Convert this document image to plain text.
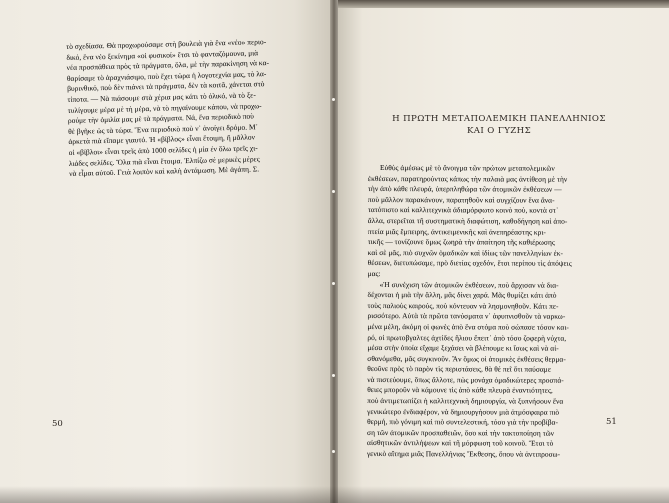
τὸ σχεδίασα. Θὰ προχωρούσαμε στὴ βουλειὰ γιὰ ἕνα «νέο» περιο-
δικό, ἕνα νέο ξεκίνημα «οἱ φυσικοί» ἔτσι τὸ φανταζόμουνα, μιὰ
νέα προσπάθεια πρὸς τὰ πράγματα, ὅλα, μὲ τὴν παρακίνηση νὰ κα-
θαρίσαμε τὸ ἀραχνιάσιμο, ποὺ ἔχει τώρα ἡ λογοτεχνία μας, τὸ λα-
βυρινθικό, ποὺ δὲν πιάνει τὰ πράγματα, δὲν τὰ κοιτᾶ, χάνεται στὸ
τίποτα. — Νὰ πιάσουμε στὰ χέρια μας κάτι τὸ ὁλικό, νὰ τὸ ξε-
τυλίγουμε μέρα μὲ τὴ μέρα, νὰ τὸ πηγαίνουμε κάπου, νὰ προχω-
ρούμε τὴν ὁμιλία μας μὲ τὰ πράγματα. Νά, ἕνα περιοδικὸ ποὺ
θὲ βγῆκε ὡς τὰ τώρα. Ἕνα περιοδικὸ ποὺ ν᾿ ἀνοίγει δρόμο. Μ᾿
ἀρκετὰ πιὰ εἴπαμε γιαυτό. Ἡ «βίβλος» εἶναι ἕτοιμη, ἢ μᾶλλον
οἱ «βίβλοι» εἶναι τρεῖς ἀπὸ 1000 σελίδες ἡ μία ἐν ὅλω τρεῖς χι-
λιάδες σελίδες. Ὅλα πιὰ εἶναι ἕτοιμα. Ἐλπίζω σὲ μερικὲς μέρες
νὰ εἶμαι αὐτοῦ. Γειὰ λοιπὸν καὶ καλὴ ἀντάμωση. Μὲ ἀγάπη. Σ.
Η ΠΡΩΤΗ ΜΕΤΑΠΟΛΕΜΙΚΗ ΠΑΝΕΛΛΗΝΙΟΣ
ΚΑΙ Ο ΓΥΖΗΣ
Εὐθὺς ἀμέσως μὲ τὸ ἄνοιγμα τῶν πρώτων μεταπολεμικῶν
ἐκθέσεων, παρατηρούντας κάπως τὴν παλαιὰ μας ἀντίθεση μὲ τὴν
τὴν ἀπὸ κάθε πλευρά, ὑπερπληθώρα τῶν ἀτομικῶν ἐκθέσεων —
ποὺ μᾶλλον παρακάνουν, παρατηθοῦν καὶ συγχίζουν ἕνα ἄνα-
τατόπιστο καὶ καλλιτεχνικὰ ἀδιαμόρφωτο κοινὸ ποὺ, κοντὰ στ᾿
ἄλλα, στερεῖται τῆ συστηματικὴ διαφώτιση, καθοδήγηση καὶ ἀπο-
πτεία μιᾶς ἔμπειρης, ἀντικειμενικῆς καὶ ἀνεπηρέαστης κρι-
τικῆς — τονίζουνε ὅμως ζωηρὰ τὴν ἀπαίτηση τῆς καθιέρωσης
καὶ σὲ μᾶς, πιὸ συχνῶν ὁμαδικῶν καὶ ἰδίως τῶν πανελληνίων ἐκ-
θέσεων, διετυπώσαμε, πρὸ διετίας σχεδόν, ἔτσι περίπου τὶς ἀπόψεις
μας:
«Ἡ συνέχιση τῶν ἀτομικῶν ἐκθέσεων, ποὺ ἄρχισαν νὰ δια-
δέχονται ἡ μιὰ τὴν ἄλλη, μᾶς δίνει χαρά. Μᾶς θυμίζει κάτι ἀπὸ
τοὺς παλιοὺς καιρούς, ποὺ κόντευαν νὰ λησμονηθοῦν. Κάτι πε-
ρισσότερο. Αὐτὰ τὰ πρῶτα τανύσματα ν᾿ ἀφυπνισθοῦν τὰ ναρκω-
μένα μέλη, ἀκόμη οἱ φωνὲς ἀπὸ ἕνα στόμα ποὺ σώπασε τόσον και-
ρό, οἱ πρωτοβγαλτες ἀχτίδες ἥλιου ἔπειτ᾿ ἀπὸ τόσο ζοφερὴ νύχτα,
μέσα στὴν ὁποία εἴχαμε ξεχάσει νὰ βλέπουμε κι ἴσως καὶ νὰ αἰ-
σθανόμεθα, μᾶς συγκινοῦν. Ἂν ὅμως οἱ ἀτομικὲς ἐκθέσεις θερμα-
θεοῦνε πρὸς τὸ παρὸν τὶς περιστάσεις, θὰ θέ πεῖ ὅτι παύσαμε
νὰ πιστεύουμε, ὅπως ἄλλοτε, πὼς μονάχα ὁμαδικώτερες προσπά-
θειες μποροῦν νὰ κάμουνε τὶς ἀπὸ κάθε πλευρὰ ἐναντιότητες,
ποὺ ἀντιμετωπίζει ἡ καλλιτεχνικὴ δημιουργία, νὰ ξυπνήσουν ἕνα
γενικώτερο ἐνδιαφέρον, νὰ δημιουργήσουν μιὰ ἀτμόσφαιρα πιὸ
θερμή, πιὸ γόνιμη καὶ πιὸ συντελεστική, τόσο γιὰ τὴν προβίβα-
ση τῶν ἀτομικῶν προσπαθειῶν, ὅσο καὶ τὴν τακτοποίηση τῶν
αἰσθητικῶν ἀντιλήψεων καὶ τῆ μόρφωση τοῦ κοινοῦ. Ἔτσι τὸ
γενικὸ αἴτημα μιᾶς Πανελλήνιας Ἔκθεσης, ὅπου νὰ ἀντιπροσω-
50	51
